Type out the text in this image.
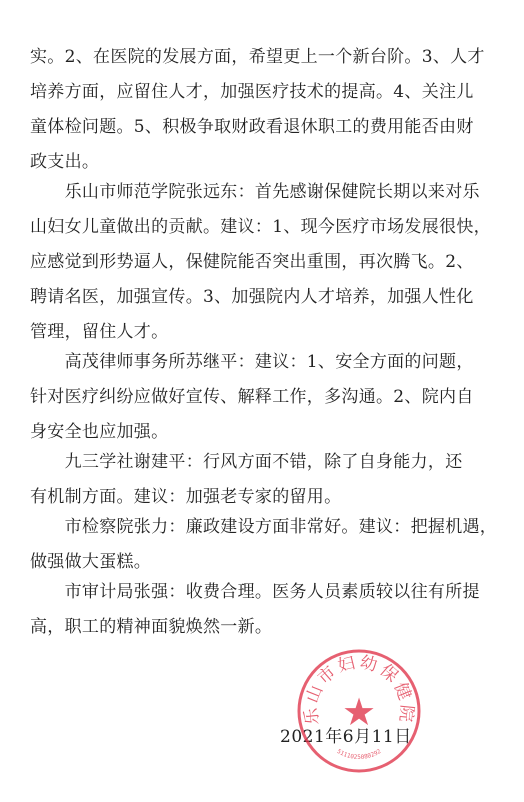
实。2、在医院的发展方面，希望更上一个新台阶。3、人才
培养方面，应留住人才，加强医疗技术的提高。4、关注儿
童体检问题。5、积极争取财政看退休职工的费用能否由财
政支出。
　　乐山市师范学院张远东：首先感谢保健院长期以来对乐
山妇女儿童做出的贡献。建议：1、现今医疗市场发展很快，
应感觉到形势逼人，保健院能否突出重围，再次腾飞。2、
聘请名医，加强宣传。3、加强院内人才培养，加强人性化
管理，留住人才。
　　高茂律师事务所苏继平：建议：1、安全方面的问题，
针对医疗纠纷应做好宣传、解释工作，多沟通。2、院内自
身安全也应加强。
　　九三学社谢建平：行风方面不错，除了自身能力，还
有机制方面。建议：加强老专家的留用。
　　市检察院张力：廉政建设方面非常好。建议：把握机遇，
做强做大蛋糕。
　　市审计局张强：收费合理。医务人员素质较以往有所提
高，职工的精神面貌焕然一新。
2021年6月11日
乐山市妇幼保健院
★
5111025080292
